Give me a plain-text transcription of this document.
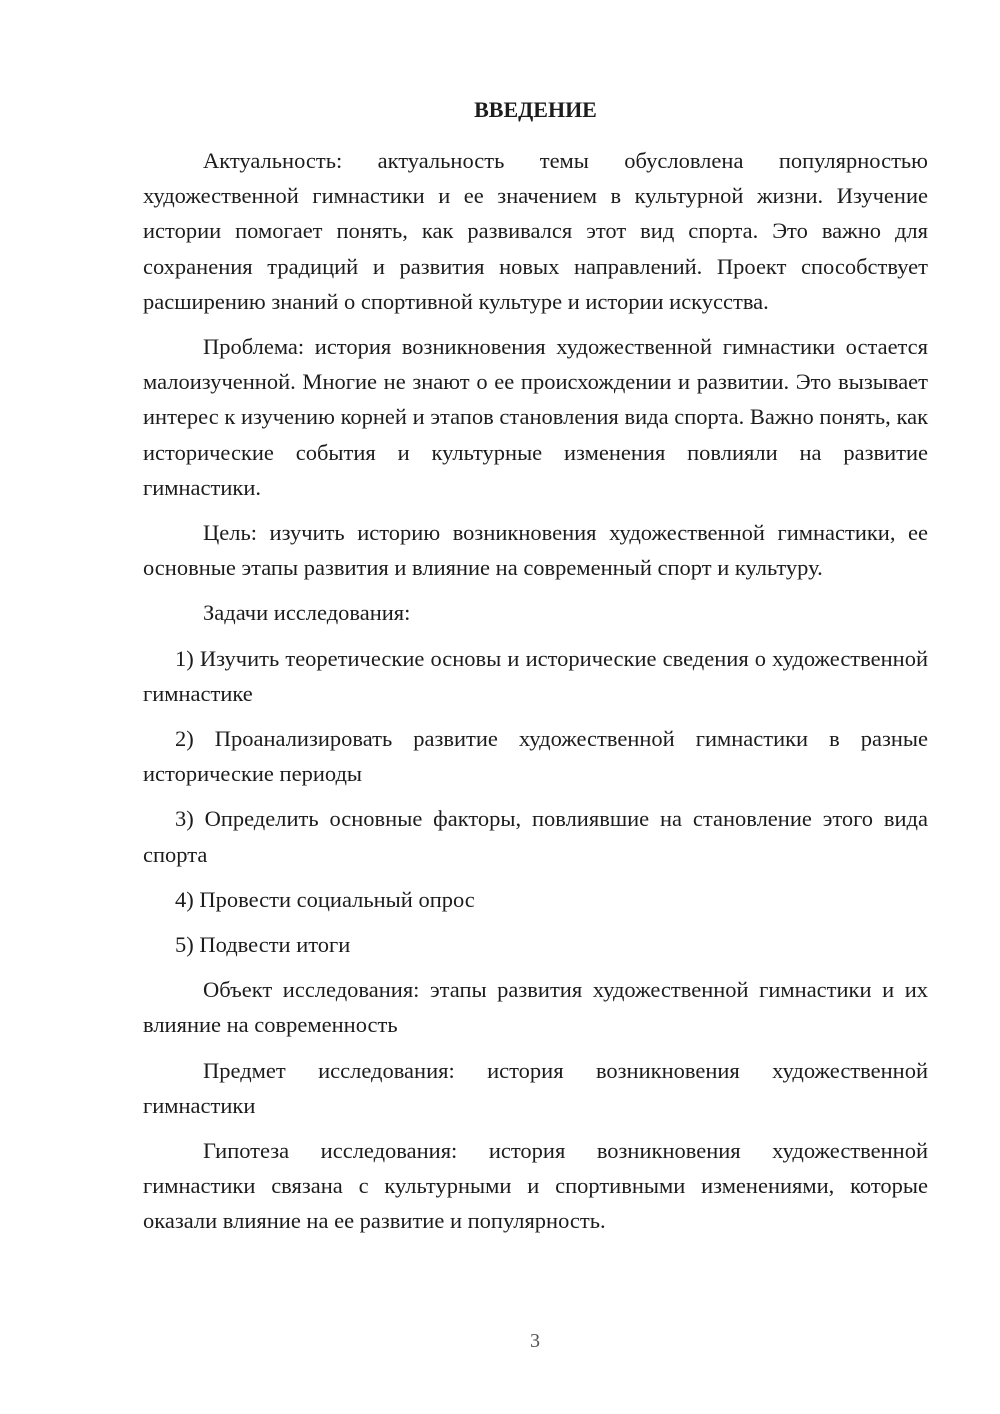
ВВЕДЕНИЕ

Актуальность: актуальность темы обусловлена популярностью художественной гимнастики и ее значением в культурной жизни. Изучение истории помогает понять, как развивался этот вид спорта. Это важно для сохранения традиций и развития новых направлений. Проект способствует расширению знаний о спортивной культуре и истории искусства.

Проблема: история возникновения художественной гимнастики остается малоизученной. Многие не знают о ее происхождении и развитии. Это вызывает интерес к изучению корней и этапов становления вида спорта. Важно понять, как исторические события и культурные изменения повлияли на развитие гимнастики.

Цель: изучить историю возникновения художественной гимнастики, ее основные этапы развития и влияние на современный спорт и культуру.

Задачи исследования:

1) Изучить теоретические основы и исторические сведения о художественной гимнастике

2) Проанализировать развитие художественной гимнастики в разные исторические периоды

3) Определить основные факторы, повлиявшие на становление этого вида спорта

4) Провести социальный опрос

5) Подвести итоги

Объект исследования: этапы развития художественной гимнастики и их влияние на современность

Предмет исследования: история возникновения художественной гимнастики

Гипотеза исследования: история возникновения художественной гимнастики связана с культурными и спортивными изменениями, которые оказали влияние на ее развитие и популярность.

3
